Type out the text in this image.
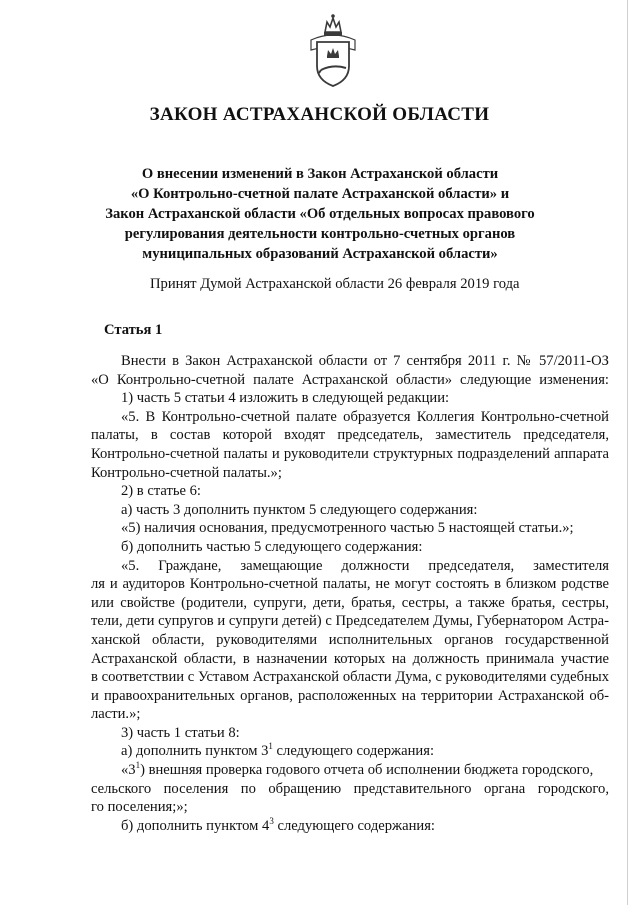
ЗАКОН АСТРАХАНСКОЙ ОБЛАСТИ
О внесении изменений в Закон Астраханской области
«О Контрольно-счетной палате Астраханской области» и
Закон Астраханской области «Об отдельных вопросах правового
регулирования деятельности контрольно-счетных органов
муниципальных образований Астраханской области»
Принят Думой Астраханской области 26 февраля 2019 года
Статья 1
Внести в Закон Астраханской области от 7 сентября 2011 г. № 57/2011-ОЗ
«О Контрольно-счетной палате Астраханской области» следующие изменения:
1) часть 5 статьи 4 изложить в следующей редакции:
«5. В Контрольно-счетной палате образуется Коллегия Контрольно-счетной
палаты, в состав которой входят председатель, заместитель председателя,
Контрольно-счетной палаты и руководители структурных подразделений аппарата
Контрольно-счетной палаты.»;
2) в статье 6:
а) часть 3 дополнить пунктом 5 следующего содержания:
«5) наличия основания, предусмотренного частью 5 настоящей статьи.»;
б) дополнить частью 5 следующего содержания:
«5. Граждане, замещающие должности председателя, заместителя
ля и аудиторов Контрольно-счетной палаты, не могут состоять в близком родстве
или свойстве (родители, супруги, дети, братья, сестры, а также братья, сестры,
тели, дети супругов и супруги детей) с Председателем Думы, Губернатором Астра-
ханской области, руководителями исполнительных органов государственной
Астраханской области, в назначении которых на должность принимала участие
в соответствии с Уставом Астраханской области Дума, с руководителями судебных
и правоохранительных органов, расположенных на территории Астраханской об-
ласти.»;
3) часть 1 статьи 8:
а) дополнить пунктом $3^1$ следующего содержания:
«$3^1$) внешняя проверка годового отчета об исполнении бюджета городского,
сельского поселения по обращению представительного органа городского,
го поселения;»;
б) дополнить пунктом $4^3$ следующего содержания:
